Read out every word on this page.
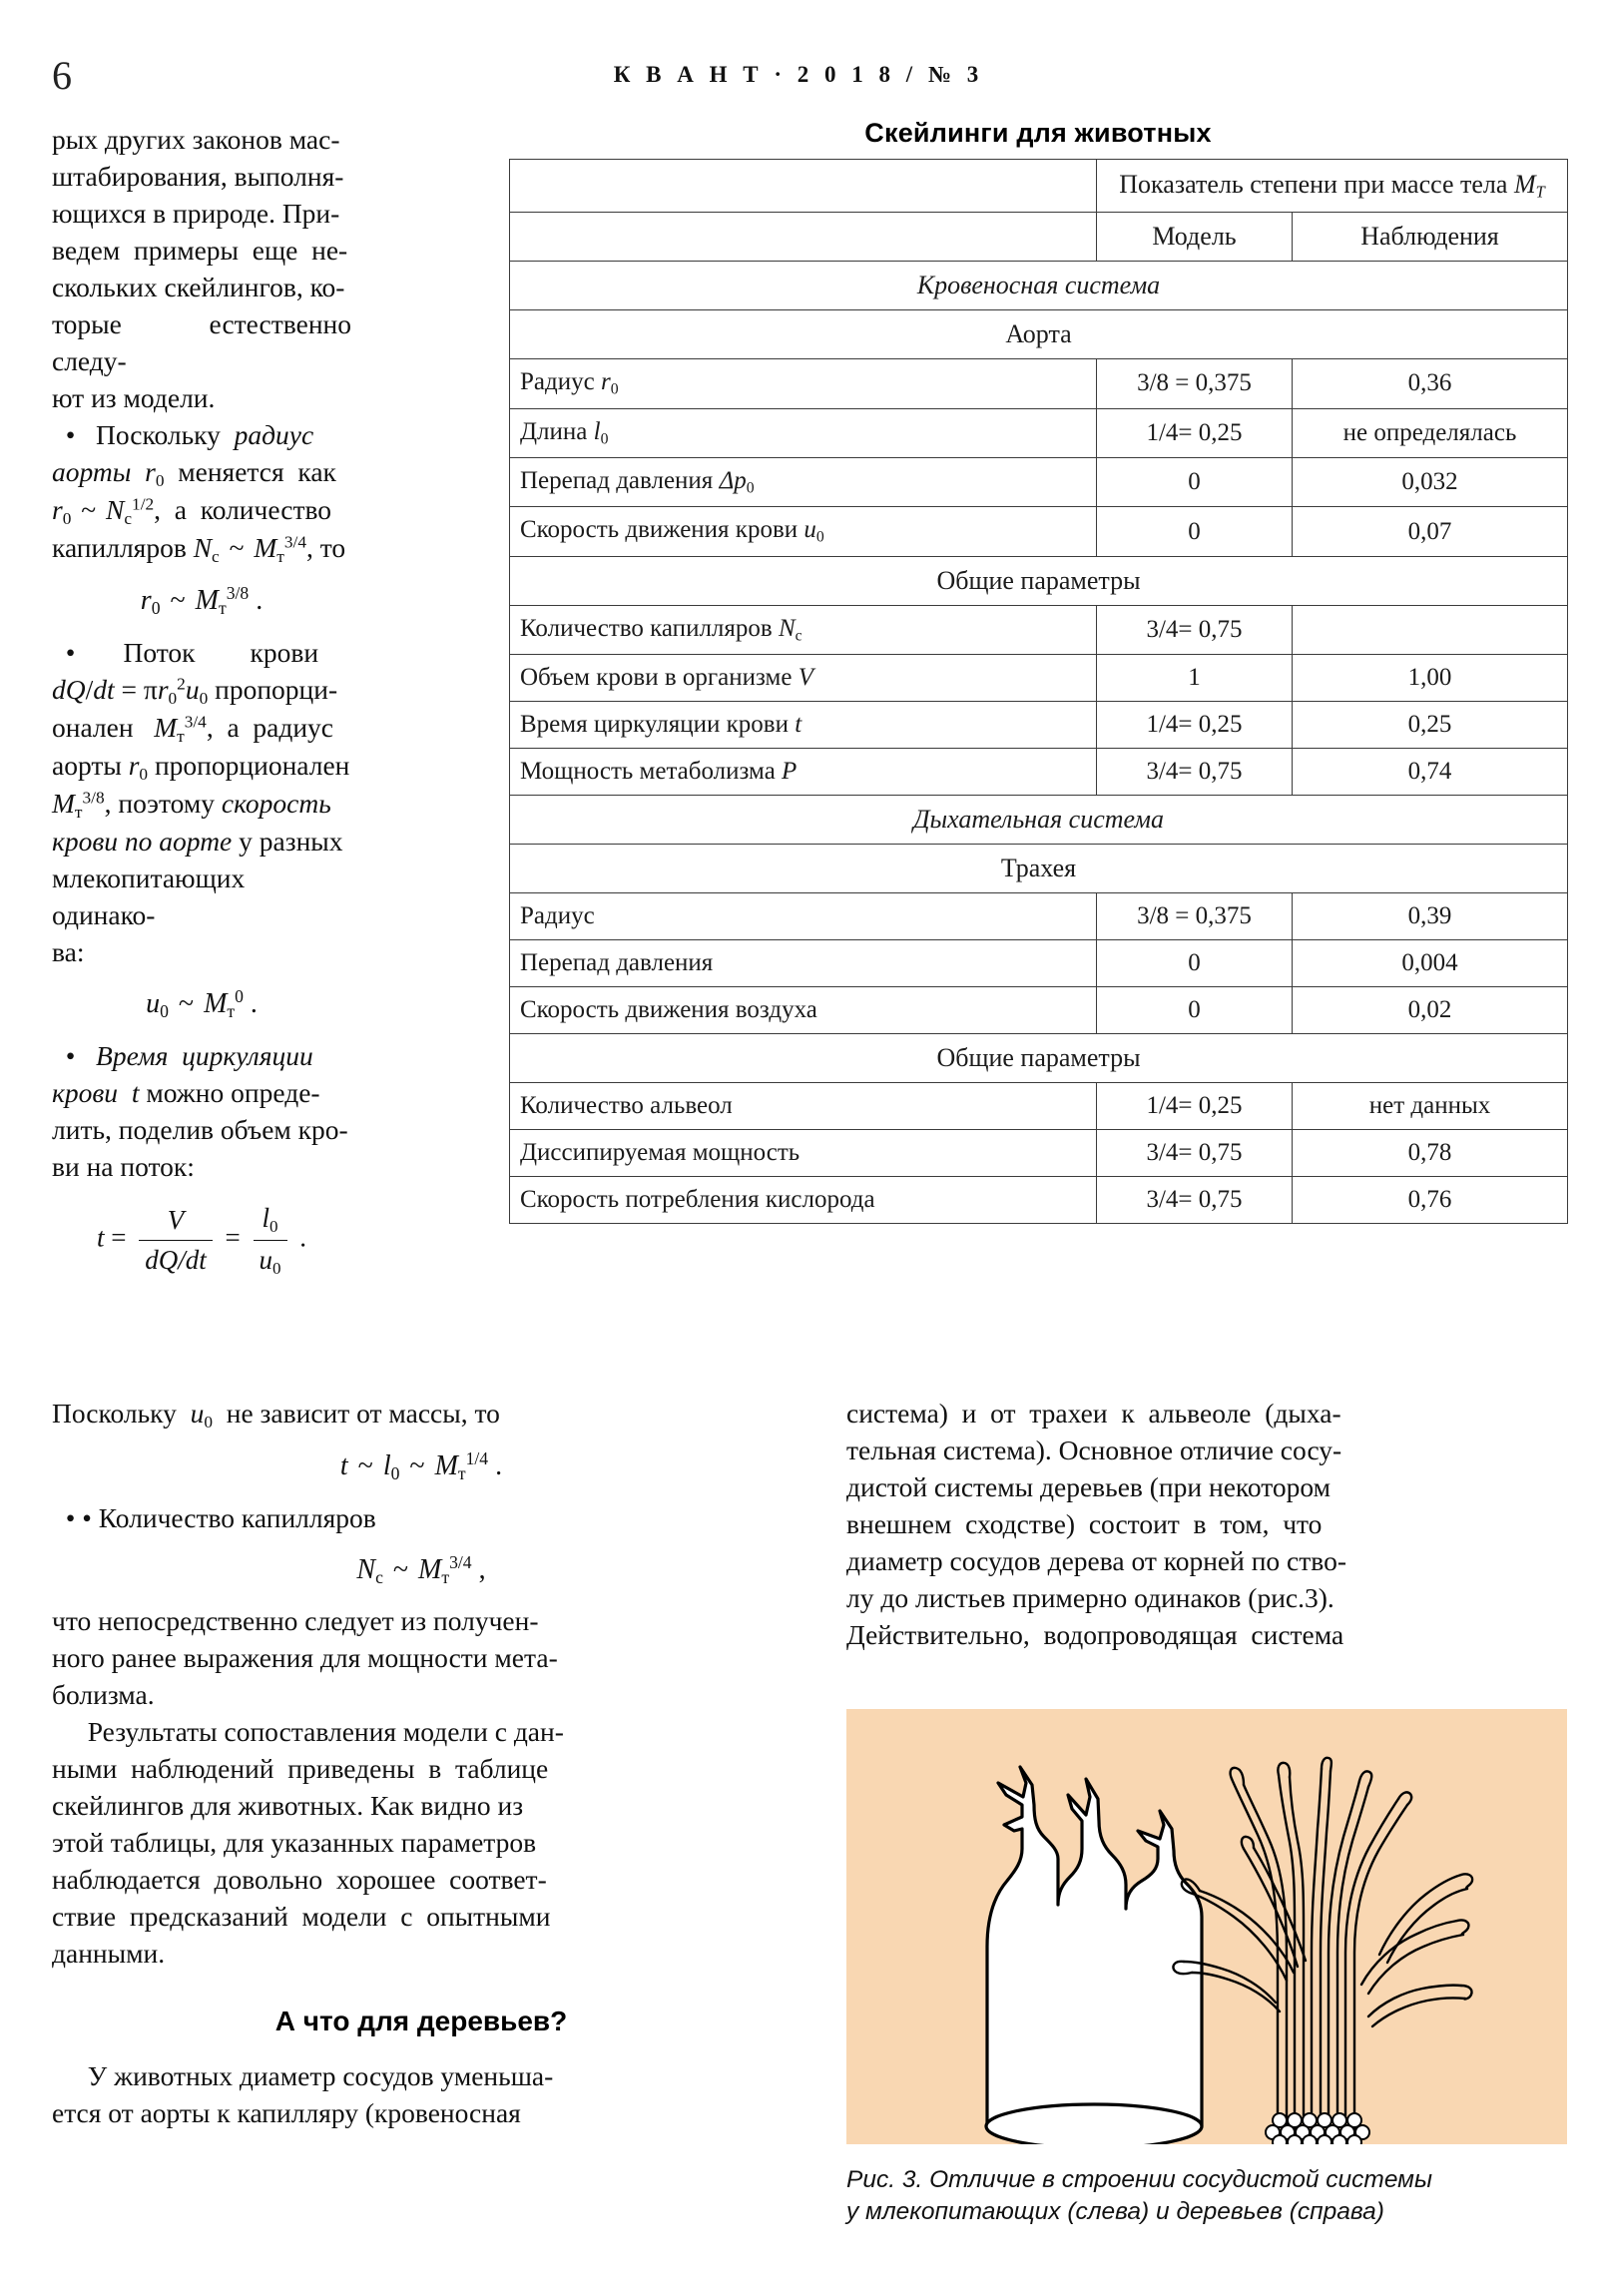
6	К В А Н Т · 2 0 1 8 / № 3

рых других законов мас-
штабирования, выполня-
ющихся в природе. При-
ведем  примеры  еще  не-
скольких скейлингов, ко-
торые естественно следу-
ют из модели.

•   Поскольку  радиус
аорты $r_0$  меняется  как
$r_0$ ~ $N_с^{1/2}$,  а  количество
капилляров $N_с$ ~ $M_т^{3/4}$, то

$r_0$ ~ $M_т^{3/8}$ .

•       Поток        крови
$dQ/dt = \pi r_0^2u_0$ пропорци-
онален   $M_т^{3/4}$,  а  радиус
аорты $r_0$ пропорционален
$M_т^{3/8}$, поэтому скорость
крови по аорте у разных
млекопитающих одинако-
ва:

$u_0$ ~ $M_т^0$ .

•   Время  циркуляции
крови t можно опреде-
лить, поделив объем кро-
ви на поток:

$t = \frac{V}{dQ/dt} = \frac{l_0}{u_0}$ .
Скейлинги для животных
	Показатель степени при массе тела $M_T$
	Модель	Наблюдения
Кровеносная система		
Аорта		
Радиус $r_0$	3/8 = 0,375	0,36
Длина $l_0$	1/4= 0,25	не определялась
Перепад давления $\Delta p_0$	0	0,032
Скорость движения крови $u_0$	0	0,07
Общие параметры		
Количество капилляров $N_c$	3/4= 0,75	
Объем крови в организме V	1	1,00
Время циркуляции крови t	1/4= 0,25	0,25
Мощность метаболизма P	3/4= 0,75	0,74
Дыхательная система		
Трахея		
Радиус	3/8 = 0,375	0,39
Перепад давления	0	0,004
Скорость движения воздуха	0	0,02
Общие параметры		
Количество альвеол	1/4= 0,25	нет данных
Диссипируемая мощность	3/4= 0,75	0,78
Скорость потребления кислорода	3/4= 0,75	0,76

Поскольку  $u_0$  не зависит от массы, то

t ~ $l_0$ ~ $M_т^{1/4}$ .

• • Количество капилляров

$N_с$ ~ $M_т^{3/4}$ ,

что непосредственно следует из получен-
ного ранее выражения для мощности мета-
болизма.

Результаты сопоставления модели с дан-
ными  наблюдений  приведены  в  таблице
скейлингов для животных. Как видно из
этой таблицы, для указанных параметров
наблюдается  довольно  хорошее  соответ-
ствие  предсказаний  модели  с  опытными
данными.

А что для деревьев?

У животных диаметр сосудов уменьша-
ется от аорты к капилляру (кровеносная

система)  и  от  трахеи  к  альвеоле  (дыха-
тельная система). Основное отличие сосу-
дистой системы деревьев (при некотором
внешнем  сходстве)  состоит  в  том,  что
диаметр сосудов дерева от корней по ство-
лу до листьев примерно одинаков (рис.3).
Действительно,  водопроводящая  система

Рис. 3. Отличие в строении сосудистой системы
у млекопитающих (слева) и деревьев (справа)
